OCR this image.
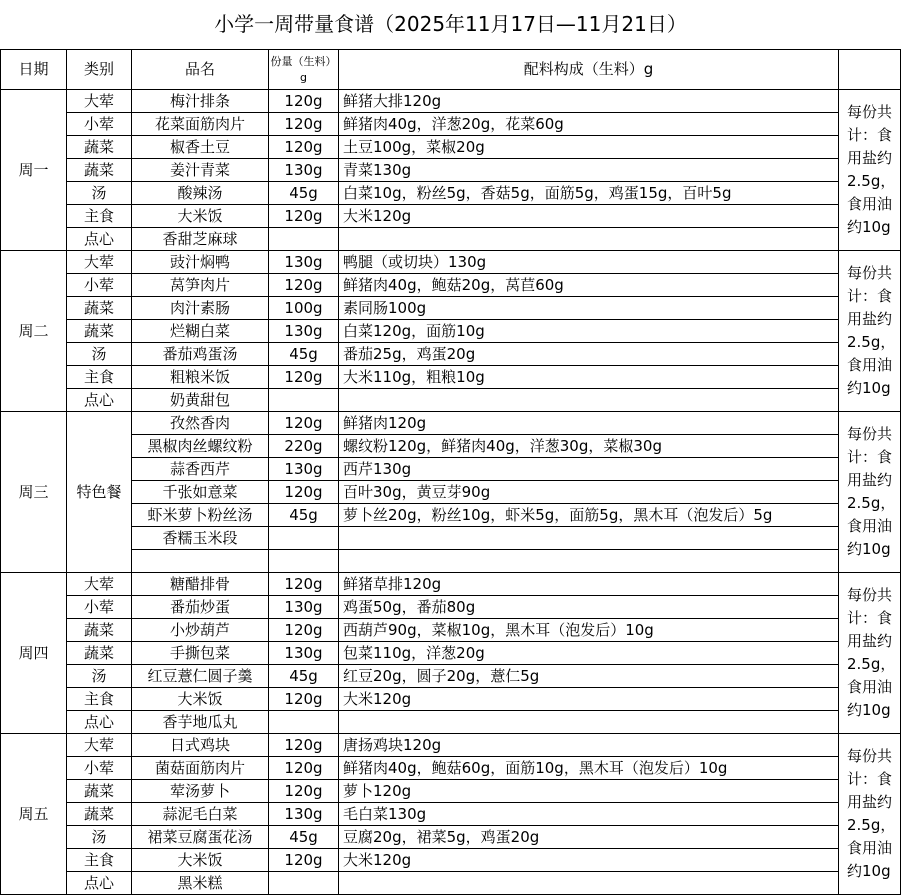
小学一周带量食谱（2025年11月17日—11月21日）
日期	类别	品名	份量（生料）g	配料构成（生料）g	
周一	大荤	梅汁排条	120g	鲜猪大排120g	每份共计：食用盐约2.5g，食用油约10g
	小荤	花菜面筋肉片	120g	鲜猪肉40g，洋葱20g，花菜60g	
	蔬菜	椒香土豆	120g	土豆100g，菜椒20g	
	蔬菜	姜汁青菜	130g	青菜130g	
	汤	酸辣汤	45g	白菜10g，粉丝5g，香菇5g，面筋5g，鸡蛋15g，百叶5g	
	主食	大米饭	120g	大米120g	
	点心	香甜芝麻球			
周二	大荤	豉汁焖鸭	130g	鸭腿（或切块）130g	每份共计：食用盐约2.5g，食用油约10g
	小荤	莴笋肉片	120g	鲜猪肉40g，鲍菇20g，莴苣60g	
	蔬菜	肉汁素肠	100g	素同肠100g	
	蔬菜	烂糊白菜	130g	白菜120g，面筋10g	
	汤	番茄鸡蛋汤	45g	番茄25g，鸡蛋20g	
	主食	粗粮米饭	120g	大米110g，粗粮10g	
	点心	奶黄甜包			
周三	特色餐	孜然香肉	120g	鲜猪肉120g	每份共计：食用盐约2.5g，食用油约10g
		黑椒肉丝螺纹粉	220g	螺纹粉120g，鲜猪肉40g，洋葱30g，菜椒30g	
		蒜香西芹	130g	西芹130g	
		千张如意菜	120g	百叶30g，黄豆芽90g	
		虾米萝卜粉丝汤	45g	萝卜丝20g，粉丝10g，虾米5g，面筋5g，黑木耳（泡发后）5g	
		香糯玉米段			

周四	大荤	糖醋排骨	120g	鲜猪草排120g	每份共计：食用盐约2.5g，食用油约10g
	小荤	番茄炒蛋	130g	鸡蛋50g，番茄80g	
	蔬菜	小炒葫芦	120g	西葫芦90g，菜椒10g，黑木耳（泡发后）10g	
	蔬菜	手撕包菜	130g	包菜110g，洋葱20g	
	汤	红豆薏仁圆子羹	45g	红豆20g，圆子20g，薏仁5g	
	主食	大米饭	120g	大米120g	
	点心	香芋地瓜丸			
周五	大荤	日式鸡块	120g	唐扬鸡块120g	每份共计：食用盐约2.5g，食用油约10g
	小荤	菌菇面筋肉片	120g	鲜猪肉40g，鲍菇60g，面筋10g，黑木耳（泡发后）10g	
	蔬菜	荤汤萝卜	120g	萝卜120g	
	蔬菜	蒜泥毛白菜	130g	毛白菜130g	
	汤	裙菜豆腐蛋花汤	45g	豆腐20g，裙菜5g，鸡蛋20g	
	主食	大米饭	120g	大米120g	
	点心	黑米糕			
